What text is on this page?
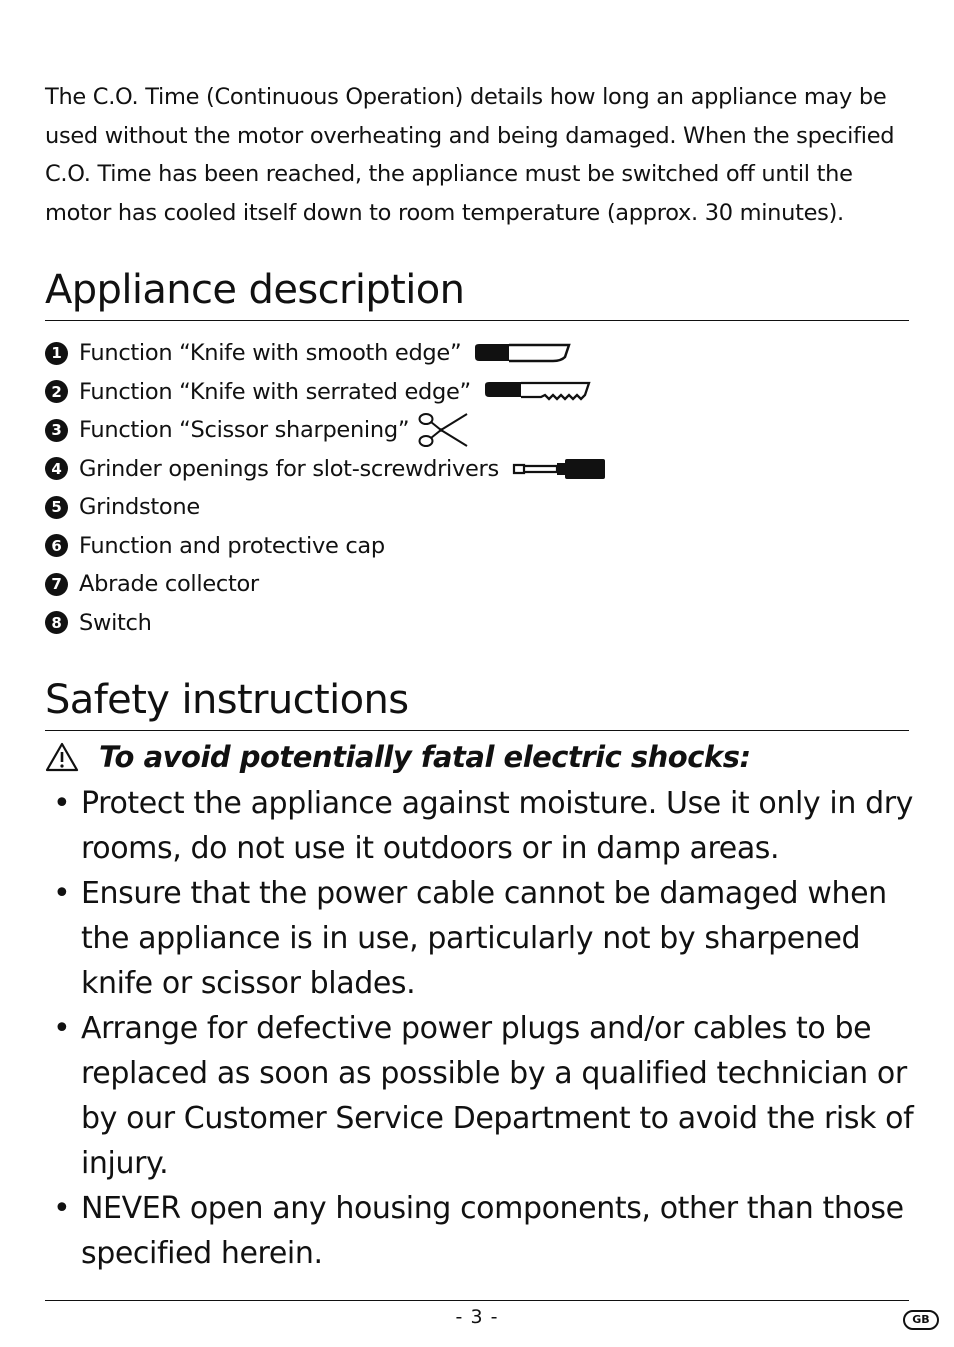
The C.O. Time (Continuous Operation) details how long an appliance may be

used without the motor overheating and being damaged. When the specified

C.O. Time has been reached, the appliance must be switched off until the

motor has cooled itself down to room temperature (approx. 30 minutes).

Appliance description
1 Function “Knife with smooth edge”
2 Function “Knife with serrated edge”
3 Function “Scissor sharpening”
4 Grinder openings for slot-screwdrivers
5 Grindstone
6 Function and protective cap
7 Abrade collector
8 Switch
Safety instructions
To avoid potentially fatal electric shocks:
• Protect the appliance against moisture. Use it only in dry rooms, do not use it outdoors or in damp areas.
• Ensure that the power cable cannot be damaged when the appliance is in use, particularly not by sharpened knife or scissor blades.
• Arrange for defective power plugs and/or cables to be replaced as soon as possible by a qualified technician or by our Customer Service Department to avoid the risk of injury.
• NEVER open any housing components, other than those specified herein.
- 3 -	GB
